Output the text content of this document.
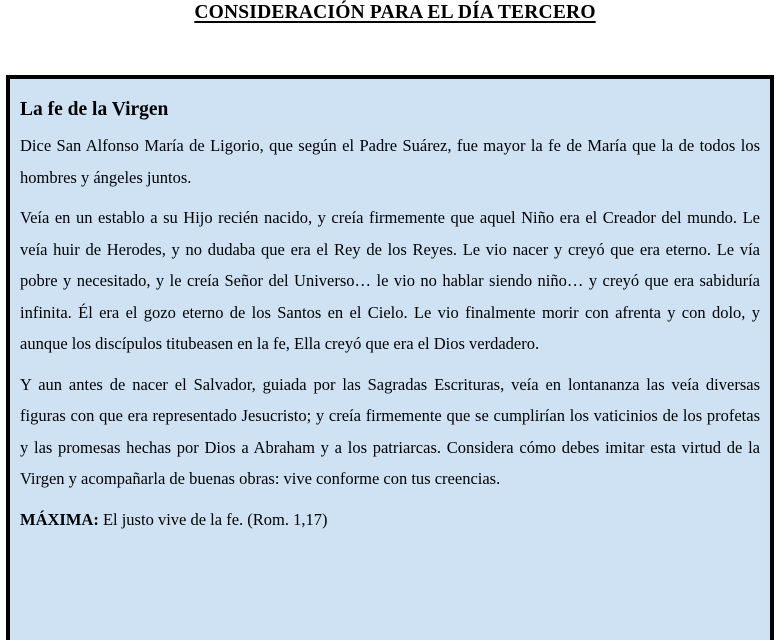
CONSIDERACIÓN PARA EL DÍA TERCERO
La fe de la Virgen

Dice San Alfonso María de Ligorio, que según el Padre Suárez, fue mayor la fe de María que la de todos los hombres y ángeles juntos.

Veía en un establo a su Hijo recién nacido, y creía firmemente que aquel Niño era el Creador del mundo. Le veía huir de Herodes, y no dudaba que era el Rey de los Reyes. Le vio nacer y creyó que era eterno. Le vía pobre y necesitado, y le creía Señor del Universo… le vio no hablar siendo niño… y creyó que era sabiduría infinita. Él era el gozo eterno de los Santos en el Cielo. Le vio finalmente morir con afrenta y con dolo, y aunque los discípulos titubeasen en la fe, Ella creyó que era el Dios verdadero.

Y aun antes de nacer el Salvador, guiada por las Sagradas Escrituras, veía en lontananza las veía diversas figuras con que era representado Jesucristo; y creía firmemente que se cumplirían los vaticinios de los profetas y las promesas hechas por Dios a Abraham y a los patriarcas. Considera cómo debes imitar esta virtud de la Virgen y acompañarla de buenas obras: vive conforme con tus creencias.

MÁXIMA: El justo vive de la fe. (Rom. 1,17)
